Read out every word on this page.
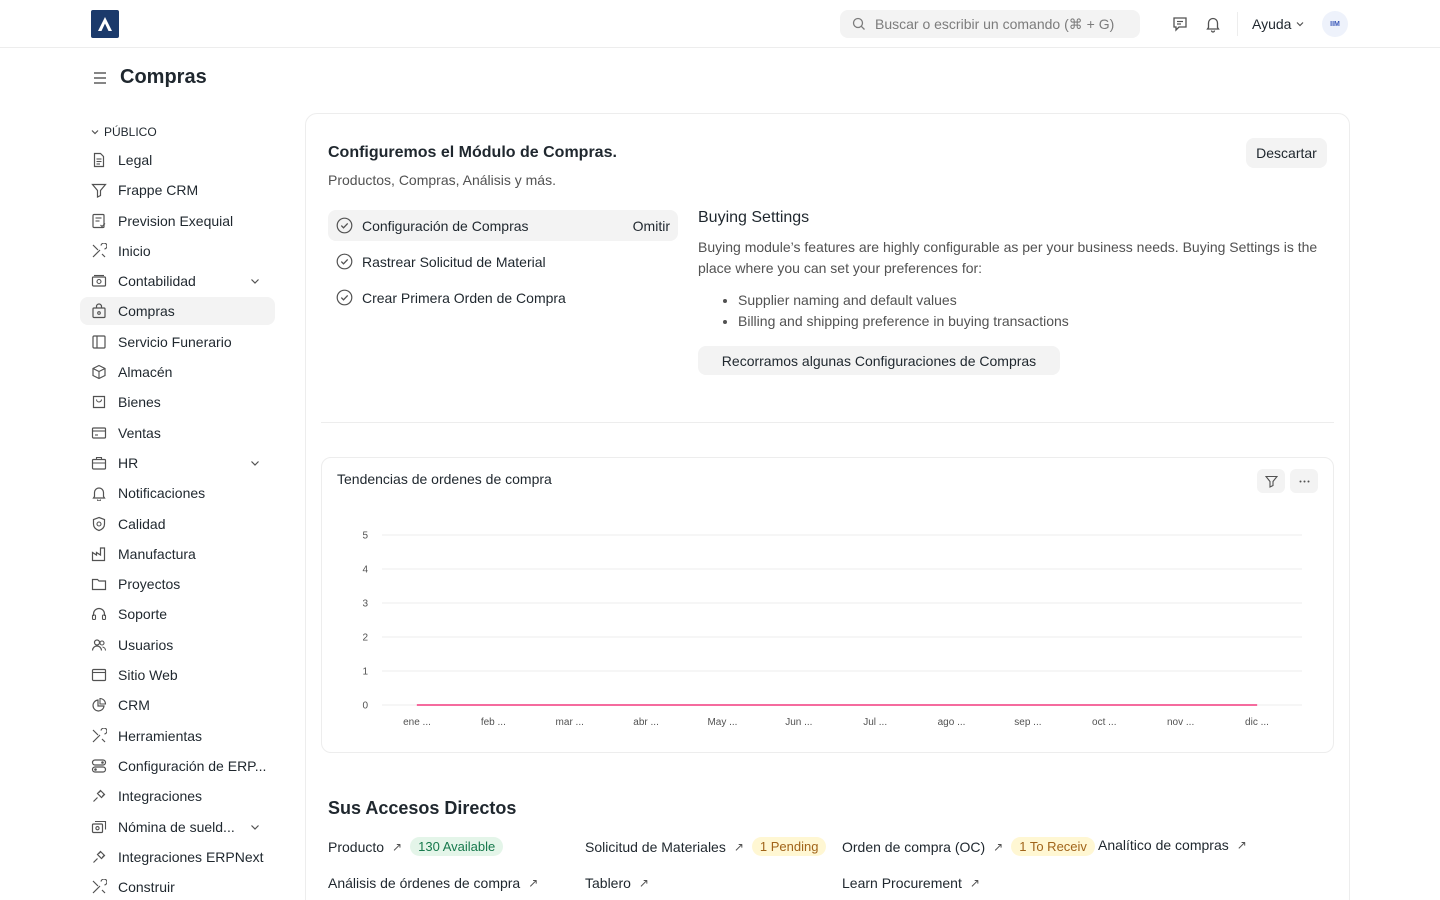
Buscar o escribir un comando (⌘ + G)	Ayuda	IIM
Compras
PÚBLICO
Legal
Frappe CRM
Prevision Exequial
Inicio
Contabilidad
Compras
Servicio Funerario
Almacén
Bienes
Ventas
HR
Notificaciones
Calidad
Manufactura
Proyectos
Soporte
Usuarios
Sitio Web
CRM
Herramientas
Configuración de ERP...
Integraciones
Nómina de sueld...
Integraciones ERPNext
Construir
Configuremos el Módulo de Compras.
Productos, Compras, Análisis y más.
Descartar
Configuración de Compras	Omitir
Rastrear Solicitud de Material
Crear Primera Orden de Compra
Buying Settings
Buying module’s features are highly configurable as per your business needs. Buying Settings is the place where you can set your preferences for:
• Supplier naming and default values
• Billing and shipping preference in buying transactions
Recorramos algunas Configuraciones de Compras
Tendencias de ordenes de compra
0
1
2
3
4
5
ene ...	feb ...	mar ...	abr ...	May ...	Jun ...	Jul ...	ago ...	sep ...	oct ...	nov ...	dic ...
Sus Accesos Directos
Producto ↗	130 Available	Solicitud de Materiales ↗	1 Pending	Orden de compra (OC) ↗	1 To Receiv Analítico de compras ↗
Análisis de órdenes de compra ↗	Tablero ↗	Learn Procurement ↗
